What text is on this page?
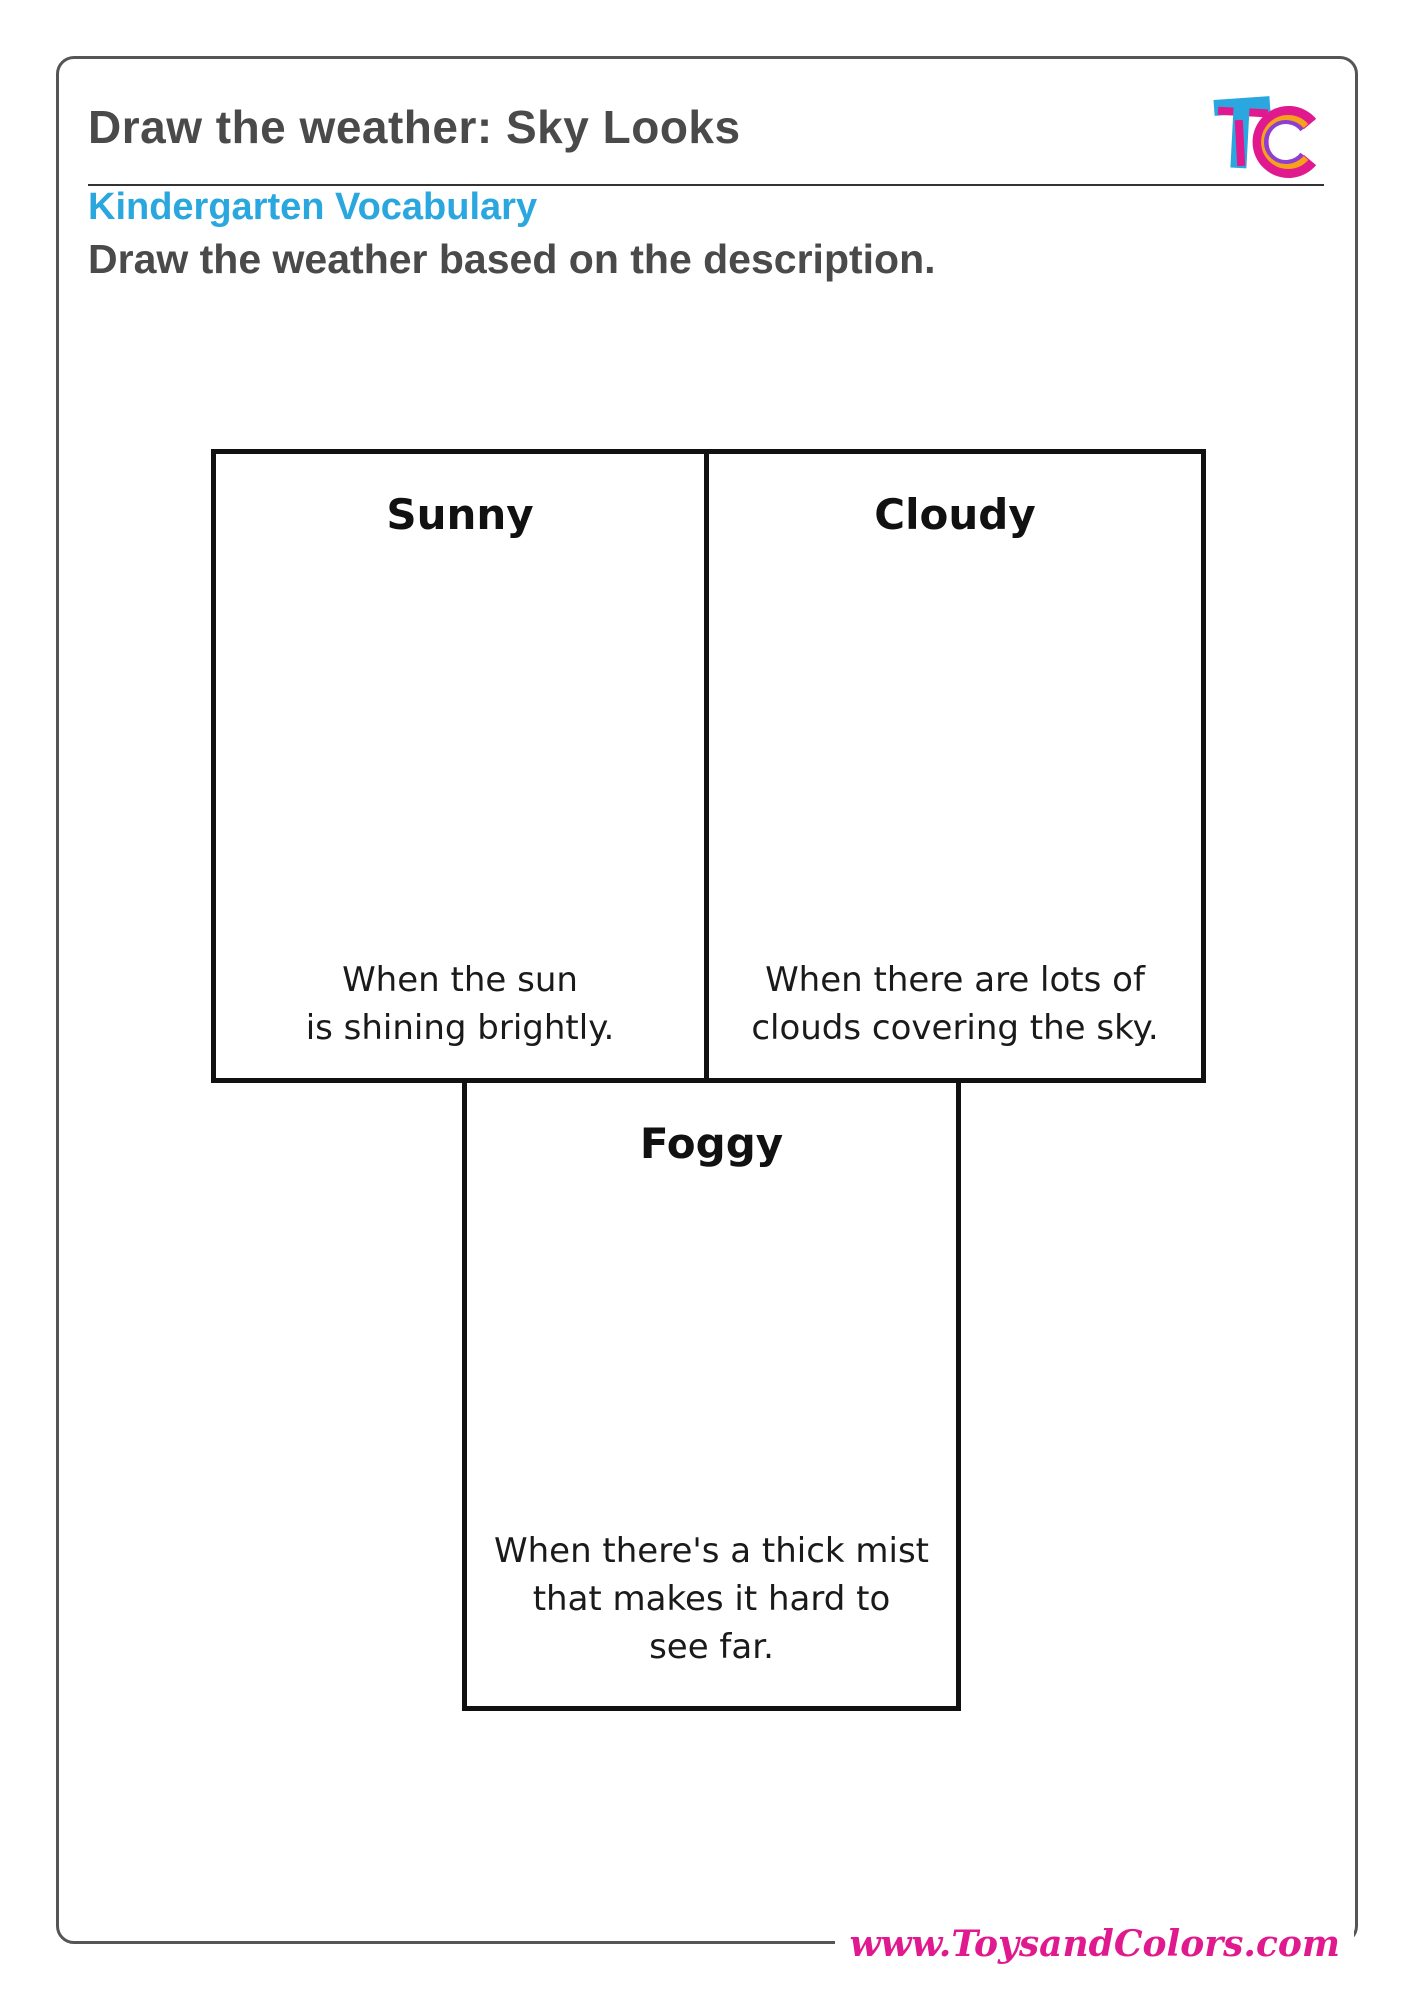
Draw the weather: Sky Looks
TC
Kindergarten Vocabulary
Draw the weather based on the description.
Sunny
When the sun
is shining brightly.
Cloudy
When there are lots of
clouds covering the sky.
Foggy
When there's a thick mist
that makes it hard to
see far.
www.ToysandColors.com
